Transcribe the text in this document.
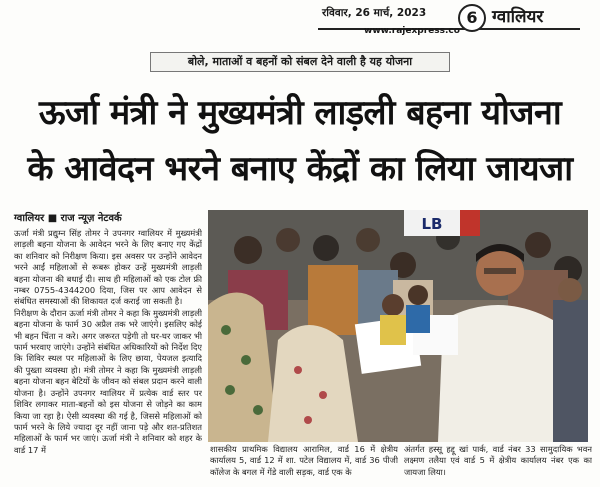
रविवार, 26 मार्च, 2023
www.rajexpress.co
6 ग्वालियर
बोले, माताओं व बहनों को संबल देने वाली है यह योजना
ऊर्जा मंत्री ने मुख्यमंत्री लाड़ली बहना योजना
के आवेदन भरने बनाए केंद्रों का लिया जायजा
ग्वालियर ■ राज न्यूज़ नेटवर्क

ऊर्जा मंत्री प्रद्युम्न सिंह तोमर ने उपनगर ग्वालियर में मुख्यमंत्री लाड़ली बहना योजना के आवेदन भरने के लिए बनाए गए केंद्रों का शनिवार को निरीक्षण किया। इस अवसर पर उन्होंने आवेदन भरने आईं महिलाओं से रूबरू होकर उन्हें मुख्यमंत्री लाड़ली बहना योजना की बधाई दी। साथ ही महिलाओं को एक टोल फ्री नम्बर 0755-4344200 दिया, जिस पर आप आवेदन से संबंधित समस्याओं की शिकायत दर्ज कराई जा सकती है।

निरीक्षण के दौरान ऊर्जा मंत्री तोमर ने कहा कि मुख्यमंत्री लाड़ली बहना योजना के फार्म 30 अप्रैल तक भरे जाएंगे। इसलिए कोई भी बहन चिंता न करे। अगर जरूरत पड़ेगी तो घर-घर जाकर भी फार्म भरवाए जाएंगे। उन्होंने संबंधित अधिकारियों को निर्देश दिए कि शिविर स्थल पर महिलाओं के लिए छाया, पेयजल इत्यादि की पुख्ता व्यवस्था हो। मंत्री तोमर ने कहा कि मुख्यमंत्री लाड़ली बहना योजना बहन बेटियों के जीवन को संबल प्रदान करने वाली योजना है। उन्होंने उपनगर ग्वालियर में प्रत्येक वार्ड स्तर पर शिविर लगाकर माता-बहनों को इस योजना से जोड़ने का काम किया जा रहा है। ऐसी व्यवस्था की गई है, जिससे महिलाओं को फार्म भरने के लिये ज्यादा दूर नहीं जाना पड़े और शत-प्रतिशत महिलाओं के फार्म भर जाएं। ऊर्जा मंत्री ने शनिवार को शहर के वार्ड 17 में

LB
शासकीय प्राथमिक विद्यालय आरामिल, वार्ड 16 में क्षेत्रीय कार्यालय 5, वार्ड 12 में शा. पटेल विद्यालय में, वार्ड 36 पीजी कॉलेज के बगल में गेंडे वाली सड़क, वार्ड एक के
अंतर्गत हस्सू हद्दू खां पार्क, वार्ड नंबर 33 सामुदायिक भवन लक्ष्मण तलैया एवं वार्ड 5 में क्षेत्रीय कार्यालय नंबर एक का जायजा लिया।
